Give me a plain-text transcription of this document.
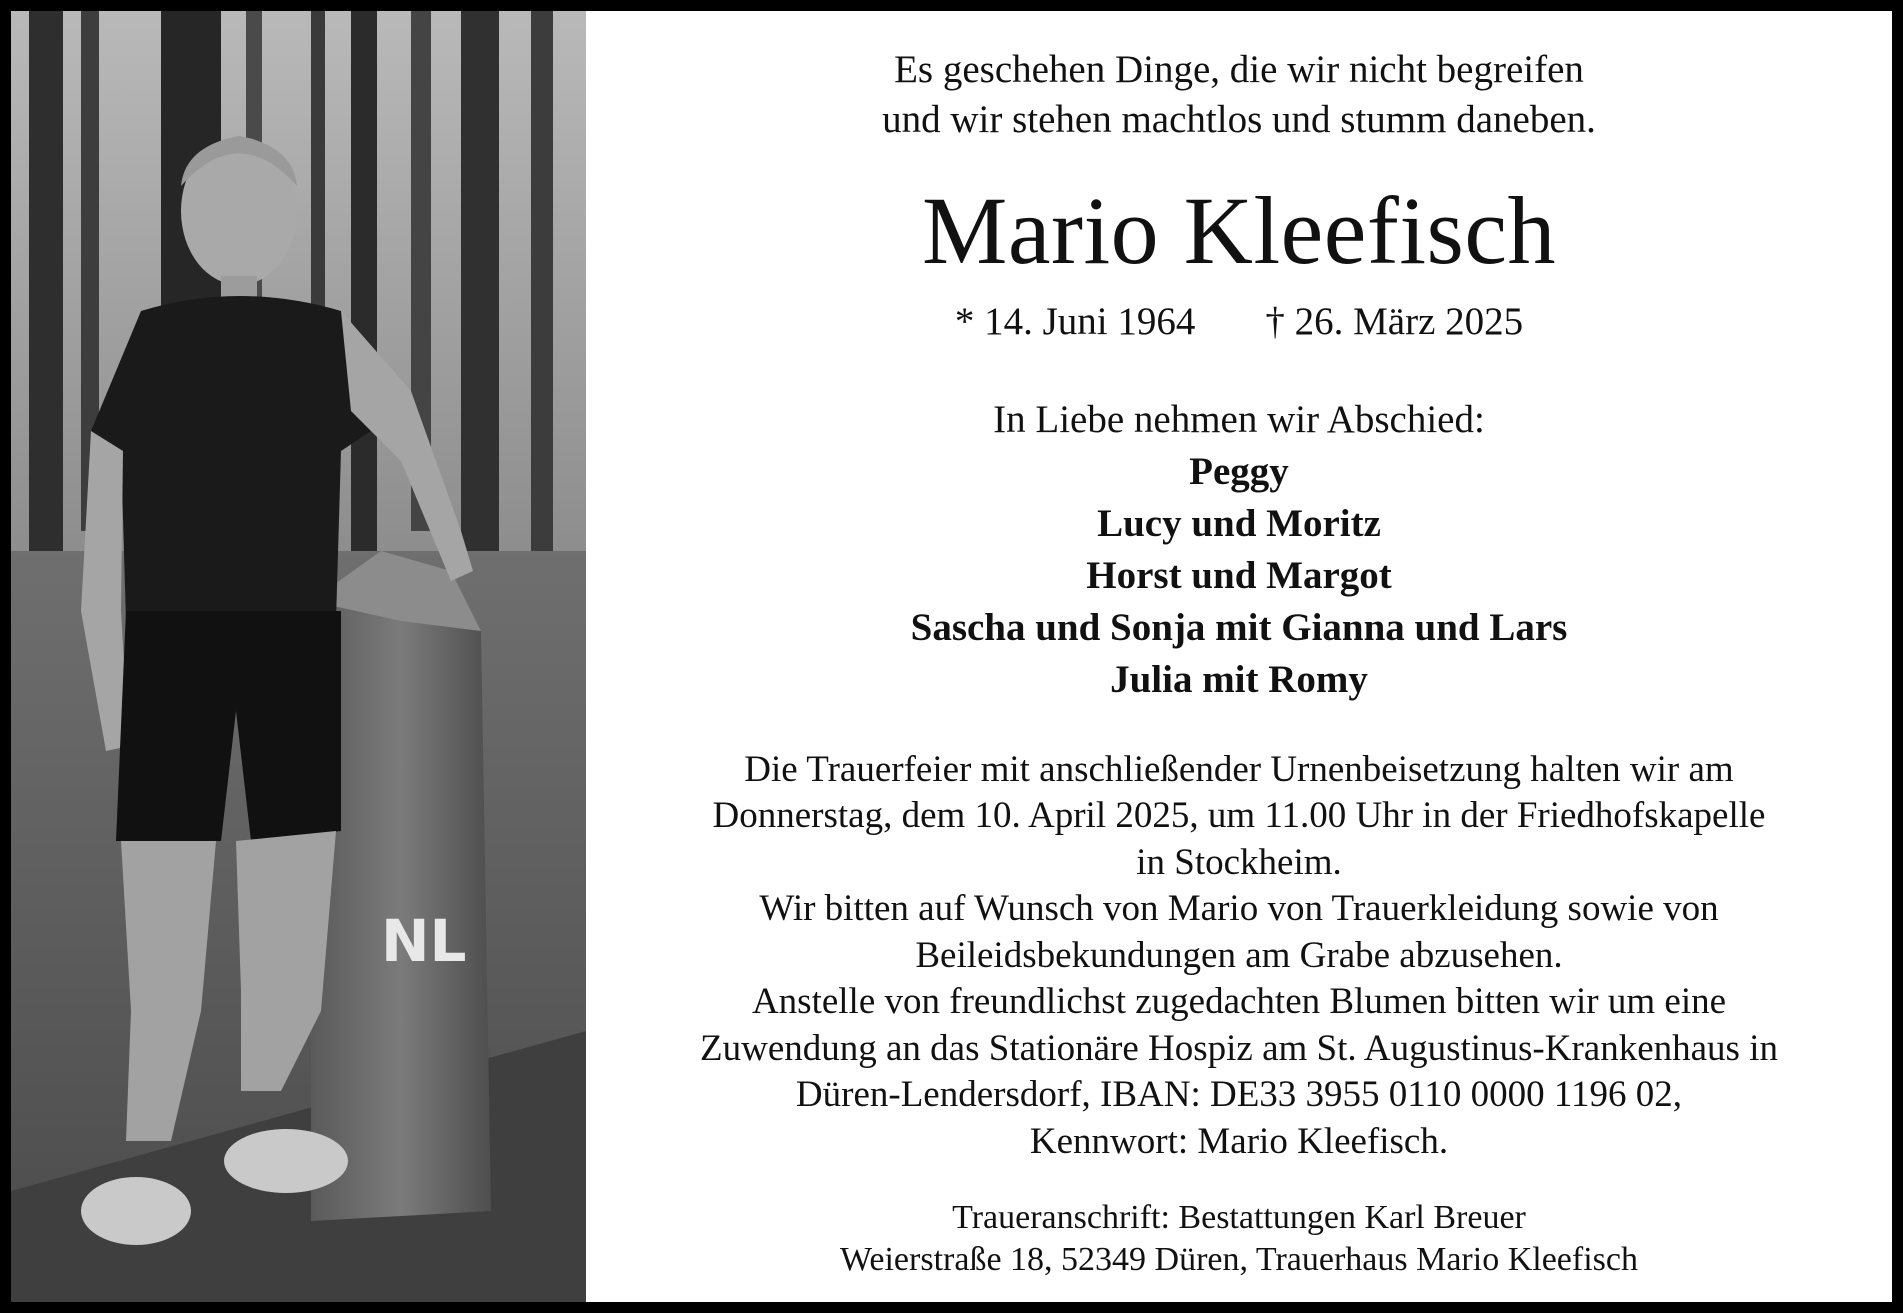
NL
Es geschehen Dinge, die wir nicht begreifen
und wir stehen machtlos und stumm daneben.
Mario Kleefisch
* 14. Juni 1964 † 26. März 2025
In Liebe nehmen wir Abschied:
Peggy
Lucy und Moritz
Horst und Margot
Sascha und Sonja mit Gianna und Lars
Julia mit Romy
Die Trauerfeier mit anschließender Urnenbeisetzung halten wir am
Donnerstag, dem 10. April 2025, um 11.00 Uhr in der Friedhofskapelle
in Stockheim.
Wir bitten auf Wunsch von Mario von Trauerkleidung sowie von
Beileidsbekundungen am Grabe abzusehen.
Anstelle von freundlichst zugedachten Blumen bitten wir um eine
Zuwendung an das Stationäre Hospiz am St. Augustinus-Krankenhaus in
Düren-Lendersdorf, IBAN: DE33 3955 0110 0000 1196 02,
Kennwort: Mario Kleefisch.
Traueranschrift: Bestattungen Karl Breuer
Weierstraße 18, 52349 Düren, Trauerhaus Mario Kleefisch
